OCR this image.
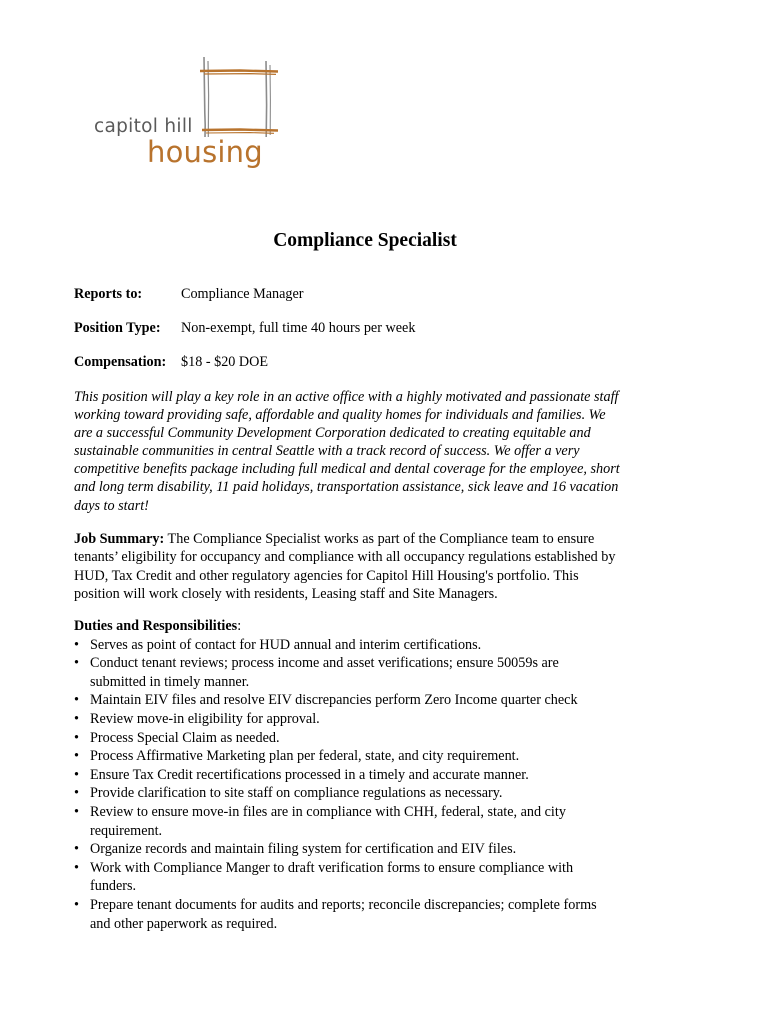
capitol hill
housing
Compliance Specialist
Reports to:	Compliance Manager
Position Type: Non-exempt, full time 40 hours per week
Compensation: $18 - $20 DOE
This position will play a key role in an active office with a highly motivated and passionate staff
working toward providing safe, affordable and quality homes for individuals and families. We
are a successful Community Development Corporation dedicated to creating equitable and
sustainable communities in central Seattle with a track record of success. We offer a very
competitive benefits package including full medical and dental coverage for the employee, short
and long term disability, 11 paid holidays, transportation assistance, sick leave and 16 vacation
days to start!
Job Summary: The Compliance Specialist works as part of the Compliance team to ensure
tenants’ eligibility for occupancy and compliance with all occupancy regulations established by
HUD, Tax Credit and other regulatory agencies for Capitol Hill Housing's portfolio. This
position will work closely with residents, Leasing staff and Site Managers.
Duties and Responsibilities:
• Serves as point of contact for HUD annual and interim certifications.
• Conduct tenant reviews; process income and asset verifications; ensure 50059s are
submitted in timely manner.
• Maintain EIV files and resolve EIV discrepancies perform Zero Income quarter check
• Review move-in eligibility for approval.
• Process Special Claim as needed.
• Process Affirmative Marketing plan per federal, state, and city requirement.
• Ensure Tax Credit recertifications processed in a timely and accurate manner.
• Provide clarification to site staff on compliance regulations as necessary.
• Review to ensure move-in files are in compliance with CHH, federal, state, and city
requirement.
• Organize records and maintain filing system for certification and EIV files.
• Work with Compliance Manger to draft verification forms to ensure compliance with
funders.
• Prepare tenant documents for audits and reports; reconcile discrepancies; complete forms
and other paperwork as required.
